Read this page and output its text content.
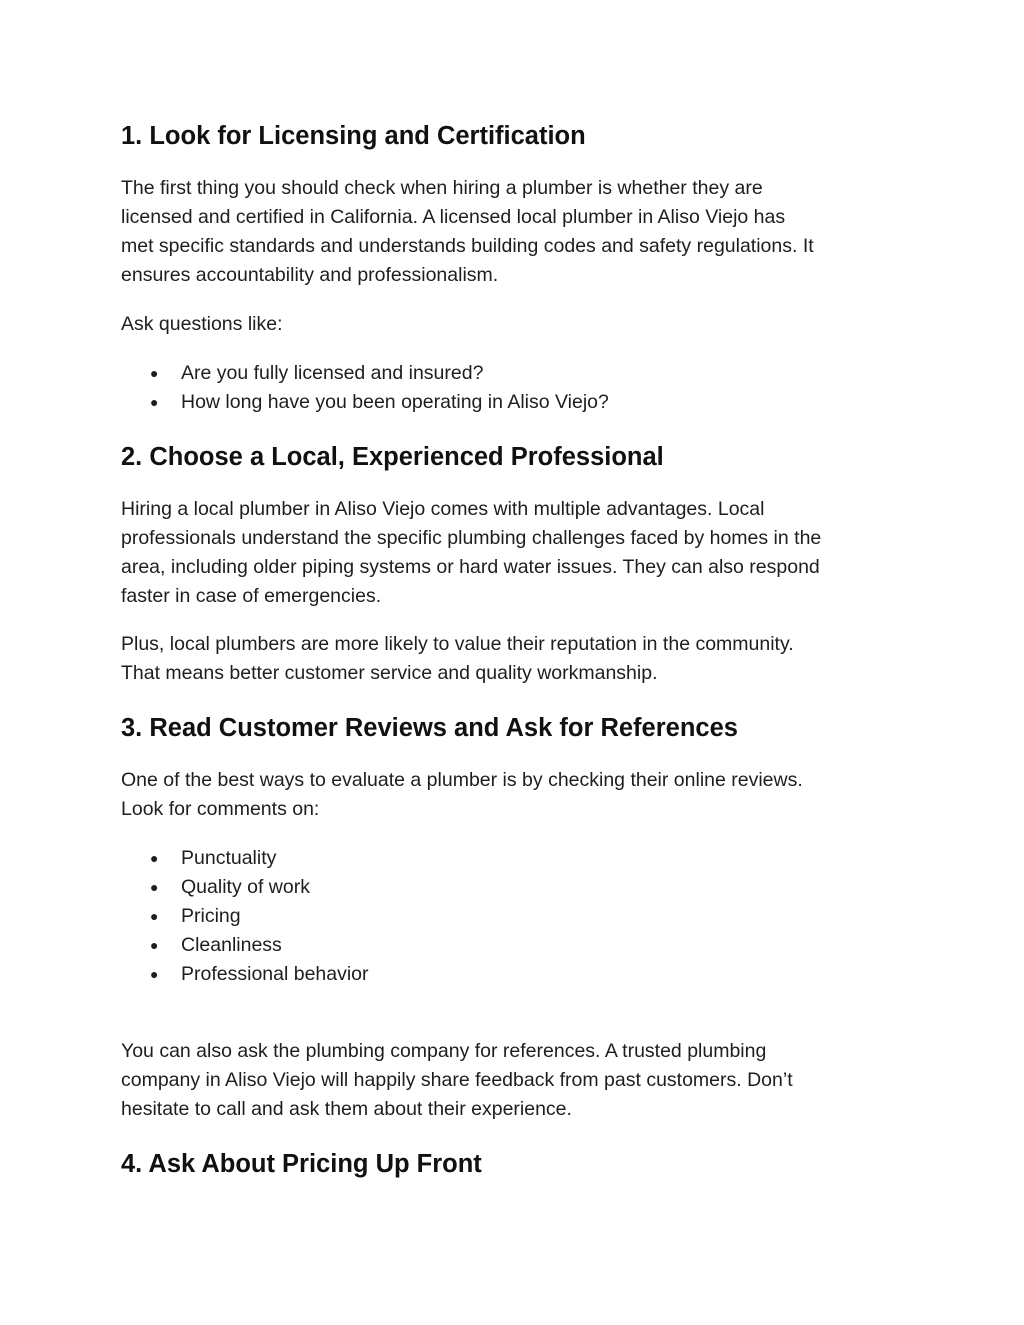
1. Look for Licensing and Certification

The first thing you should check when hiring a plumber is whether they are
licensed and certified in California. A licensed local plumber in Aliso Viejo has
met specific standards and understands building codes and safety regulations. It
ensures accountability and professionalism.

Ask questions like:

● Are you fully licensed and insured?
● How long have you been operating in Aliso Viejo?
2. Choose a Local, Experienced Professional

Hiring a local plumber in Aliso Viejo comes with multiple advantages. Local
professionals understand the specific plumbing challenges faced by homes in the
area, including older piping systems or hard water issues. They can also respond
faster in case of emergencies.

Plus, local plumbers are more likely to value their reputation in the community.
That means better customer service and quality workmanship.

3. Read Customer Reviews and Ask for References

One of the best ways to evaluate a plumber is by checking their online reviews.
Look for comments on:

● Punctuality
● Quality of work
● Pricing
● Cleanliness
● Professional behavior

You can also ask the plumbing company for references. A trusted plumbing
company in Aliso Viejo will happily share feedback from past customers. Don’t
hesitate to call and ask them about their experience.

4. Ask About Pricing Up Front
